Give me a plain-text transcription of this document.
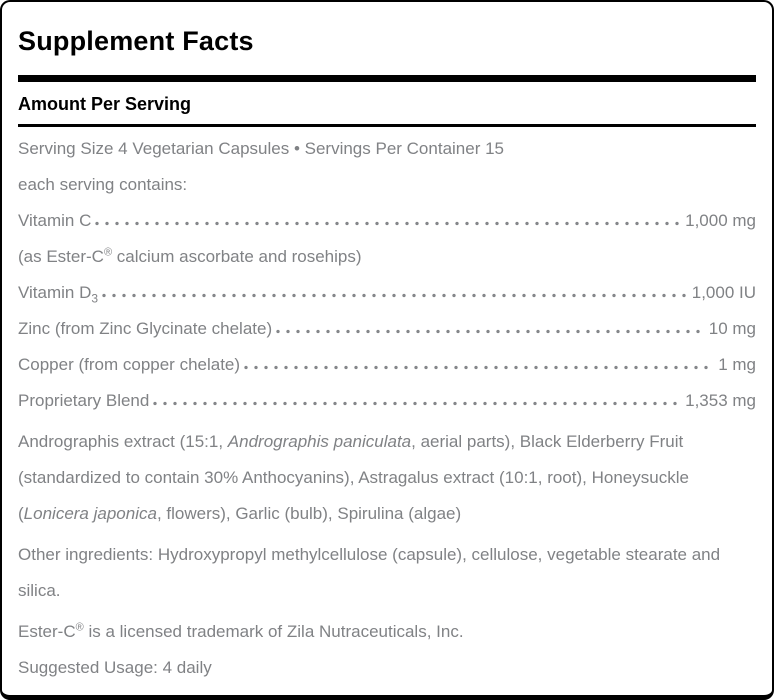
Supplement Facts
Amount Per Serving
Serving Size 4 Vegetarian Capsules • Servings Per Container 15
each serving contains:
Vitamin C	1,000 mg
(as Ester-C® calcium ascorbate and rosehips)
Vitamin $D_3$	1,000 IU
Zinc (from Zinc Glycinate chelate)	10 mg
Copper (from copper chelate)	1 mg
Proprietary Blend	1,353 mg
Andrographis extract (15:1, Andrographis paniculata, aerial parts), Black Elderberry Fruit (standardized to contain 30% Anthocyanins), Astragalus extract (10:1, root), Honeysuckle (Lonicera japonica, flowers), Garlic (bulb), Spirulina (algae)
Other ingredients: Hydroxypropyl methylcellulose (capsule), cellulose, vegetable stearate and silica.
Ester-C® is a licensed trademark of Zila Nutraceuticals, Inc.
Suggested Usage: 4 daily
